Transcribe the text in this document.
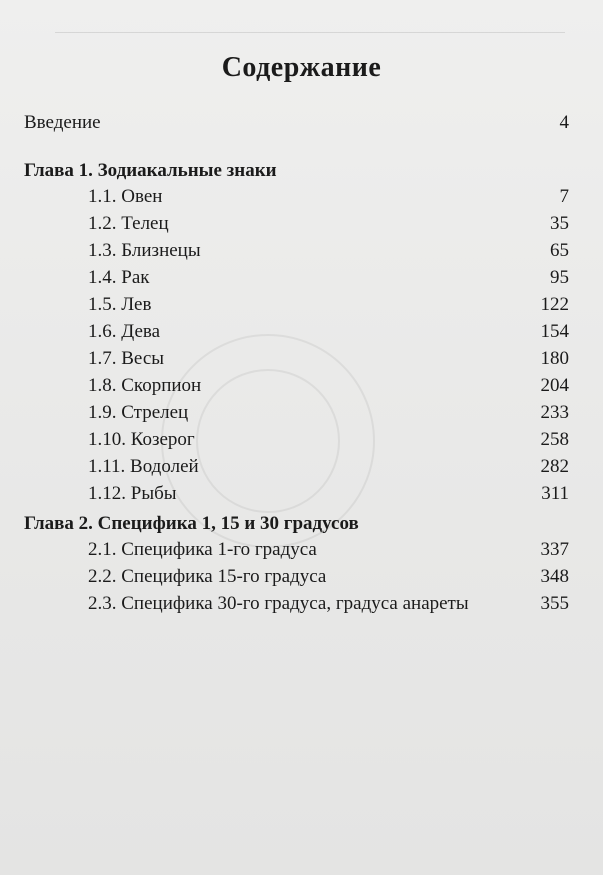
Содержание
Введение	4
Глава 1. Зодиакальные знаки
1.1. Овен	7
1.2. Телец	35
1.3. Близнецы	65
1.4. Рак	95
1.5. Лев	122
1.6. Дева	154
1.7. Весы	180
1.8. Скорпион	204
1.9. Стрелец	233
1.10. Козерог	258
1.11. Водолей	282
1.12. Рыбы	311
Глава 2. Специфика 1, 15 и 30 градусов
2.1. Специфика 1-го градуса	337
2.2. Специфика 15-го градуса	348
2.3. Специфика 30-го градуса, градуса анареты	355
